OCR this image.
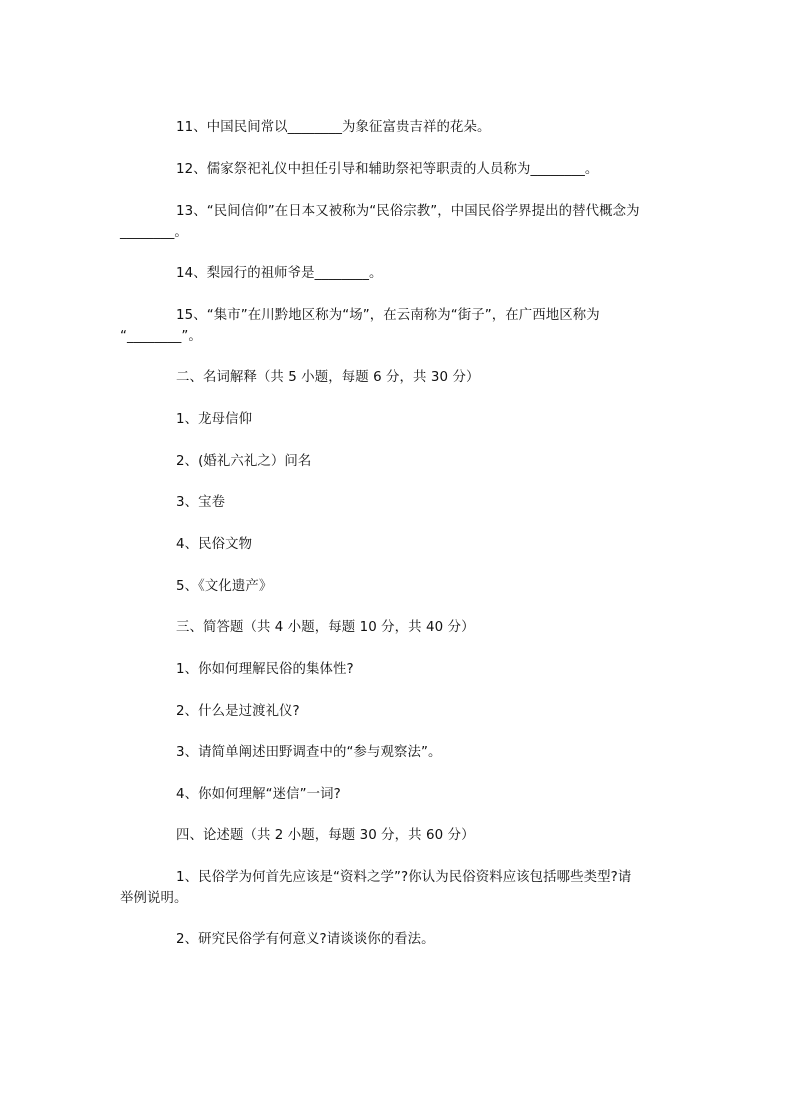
11、中国民间常以________为象征富贵吉祥的花朵。

12、儒家祭祀礼仪中担任引导和辅助祭祀等职责的人员称为________。

13、“民间信仰”在日本又被称为“民俗宗教”，中国民俗学界提出的替代概念为

________。

14、梨园行的祖师爷是________。

15、“集市”在川黔地区称为“场”，在云南称为“街子”，在广西地区称为

“________”。

二、名词解释（共 5 小题，每题 6 分，共 30 分）

1、龙母信仰

2、(婚礼六礼之）问名

3、宝卷

4、民俗文物

5、《文化遗产》

三、简答题（共 4 小题，每题 10 分，共 40 分）

1、你如何理解民俗的集体性?

2、什么是过渡礼仪?

3、请简单阐述田野调查中的“参与观察法”。

4、你如何理解“迷信”一词?

四、论述题（共 2 小题，每题 30 分，共 60 分）

1、民俗学为何首先应该是“资料之学”?你认为民俗资料应该包括哪些类型?请

举例说明。

2、研究民俗学有何意义?请谈谈你的看法。
